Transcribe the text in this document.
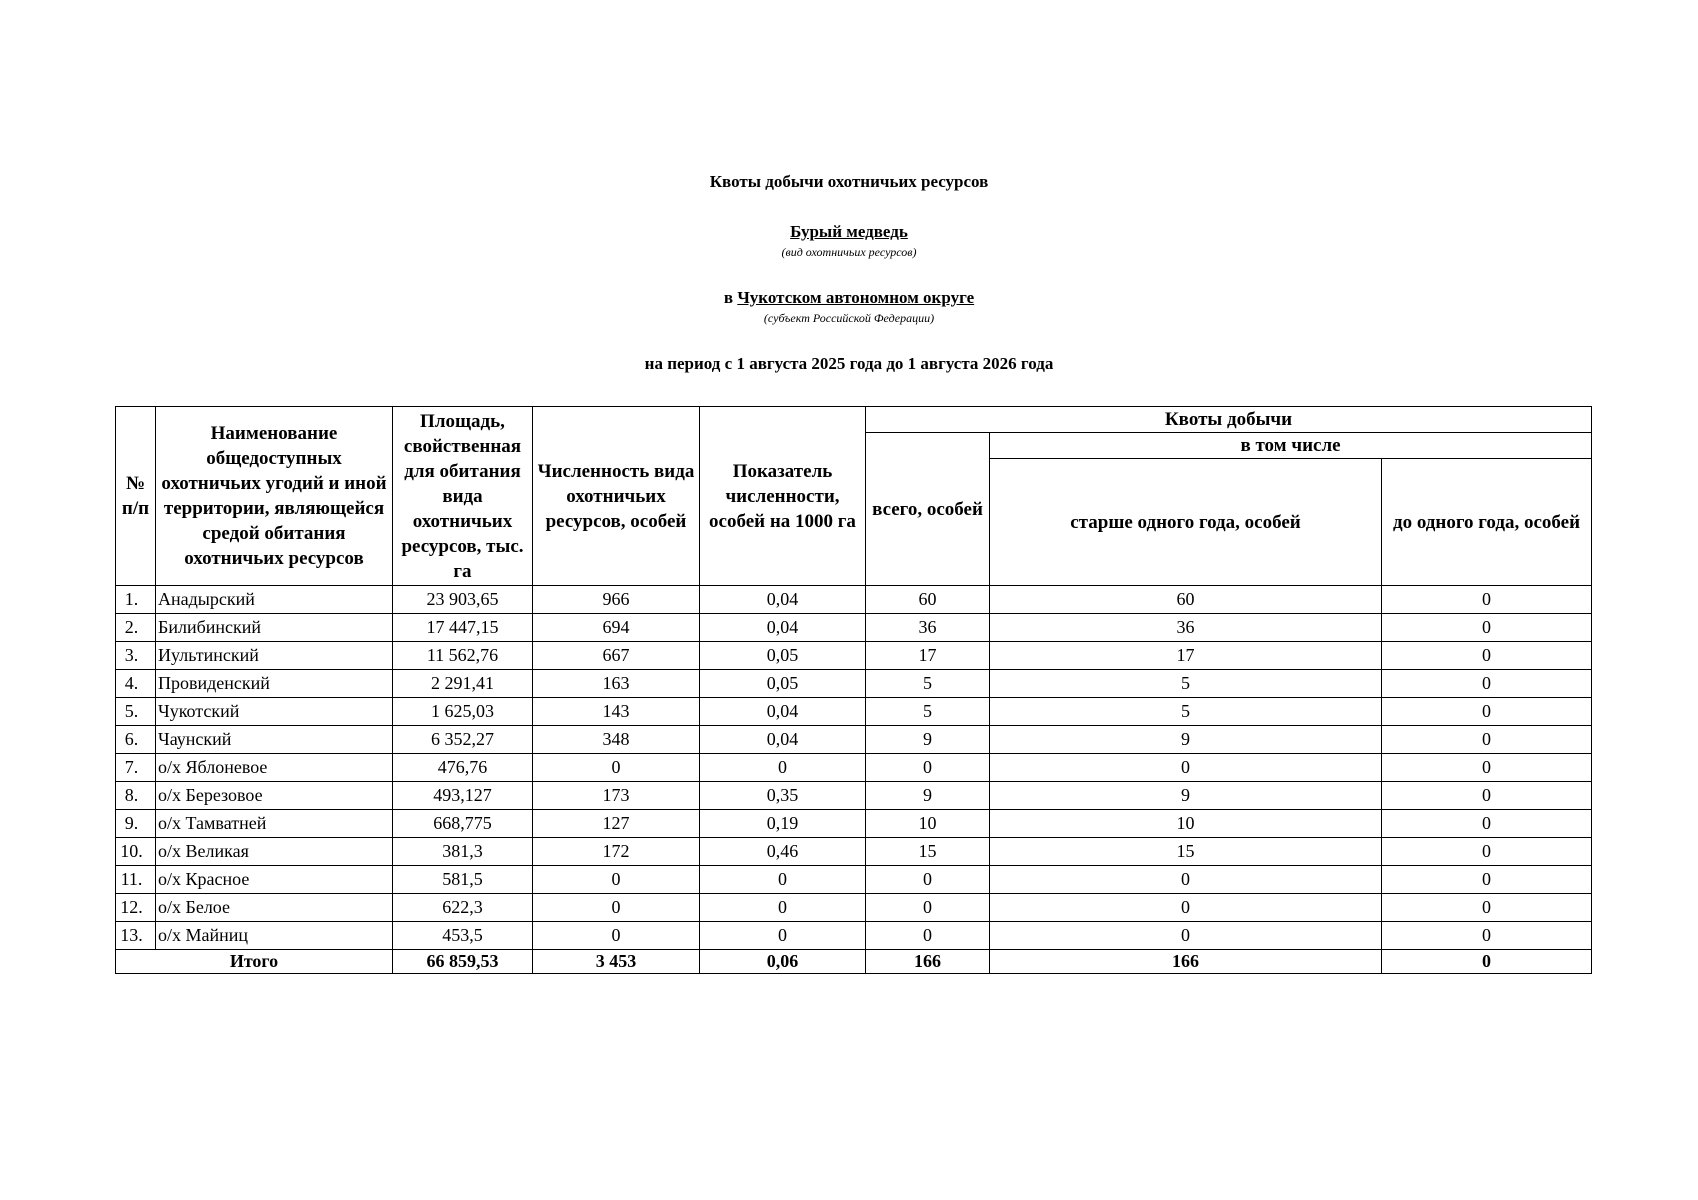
Квоты добычи охотничьих ресурсов
Бурый медведь
(вид охотничьих ресурсов)
в Чукотском автономном округе
(субъект Российской Федерации)
на период с 1 августа 2025 года до 1 августа 2026 года
№ п/п	Наименование общедоступных охотничьих угодий и иной территории, являющейся средой обитания охотничьих ресурсов	Площадь, свойственная для обитания вида охотничьих ресурсов, тыс. га	Численность вида охотничьих ресурсов, особей	Показатель численности, особей на 1000 га	Квоты добычи		
					всего, особей	в том числе	
						старше одного года, особей	до одного года, особей
1.	Анадырский	23 903,65	966	0,04	60	60	0
2.	Билибинский	17 447,15	694	0,04	36	36	0
3.	Иультинский	11 562,76	667	0,05	17	17	0
4.	Провиденский	2 291,41	163	0,05	5	5	0
5.	Чукотский	1 625,03	143	0,04	5	5	0
6.	Чаунский	6 352,27	348	0,04	9	9	0
7.	о/х Яблоневое	476,76	0	0	0	0	0
8.	о/х Березовое	493,127	173	0,35	9	9	0
9.	о/х Тамватней	668,775	127	0,19	10	10	0
10.	о/х Великая	381,3	172	0,46	15	15	0
11.	о/х Красное	581,5	0	0	0	0	0
12.	о/х Белое	622,3	0	0	0	0	0
13.	о/х Майниц	453,5	0	0	0	0	0
Итого		66 859,53	3 453	0,06	166	166	0
